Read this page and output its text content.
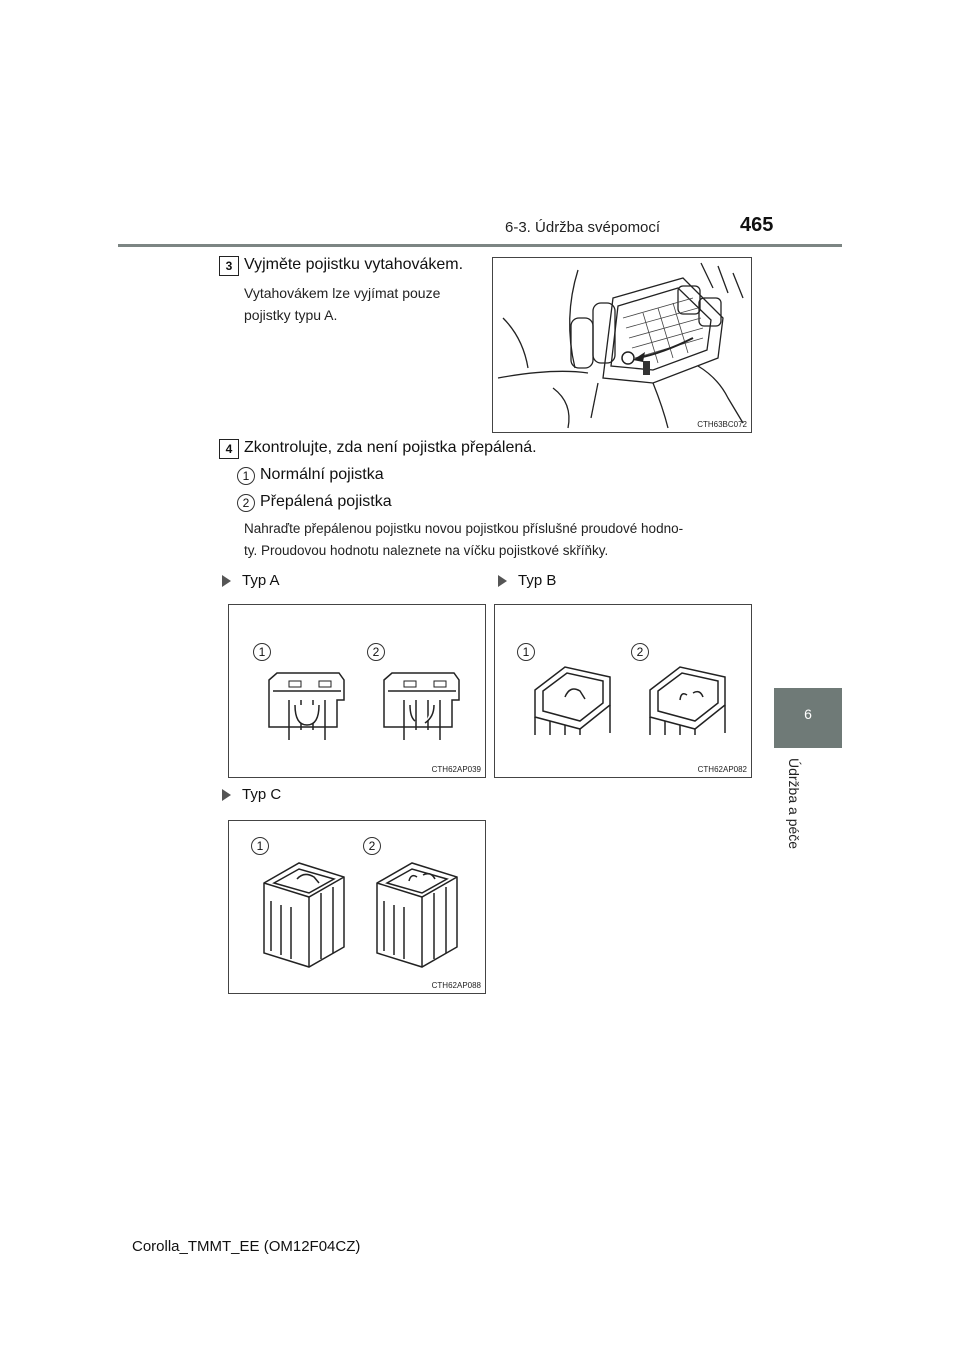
6-3. Údržba svépomocí	465
6
Údržba a péče
3 Vyjměte pojistku vytahovákem.
Vytahovákem lze vyjímat pouze
pojistky typu A.
CTH63BC072
4 Zkontrolujte, zda není pojistka přepálená.
1 Normální pojistka
2 Přepálená pojistka
Nahraďte přepálenou pojistku novou pojistkou příslušné proudové hodno-
ty. Proudovou hodnotu naleznete na víčku pojistkové skříňky.
Typ A
1	2
CTH62AP039
Typ B
1	2
CTH62AP082
Typ C
1	2
CTH62AP088
Corolla_TMMT_EE (OM12F04CZ)
